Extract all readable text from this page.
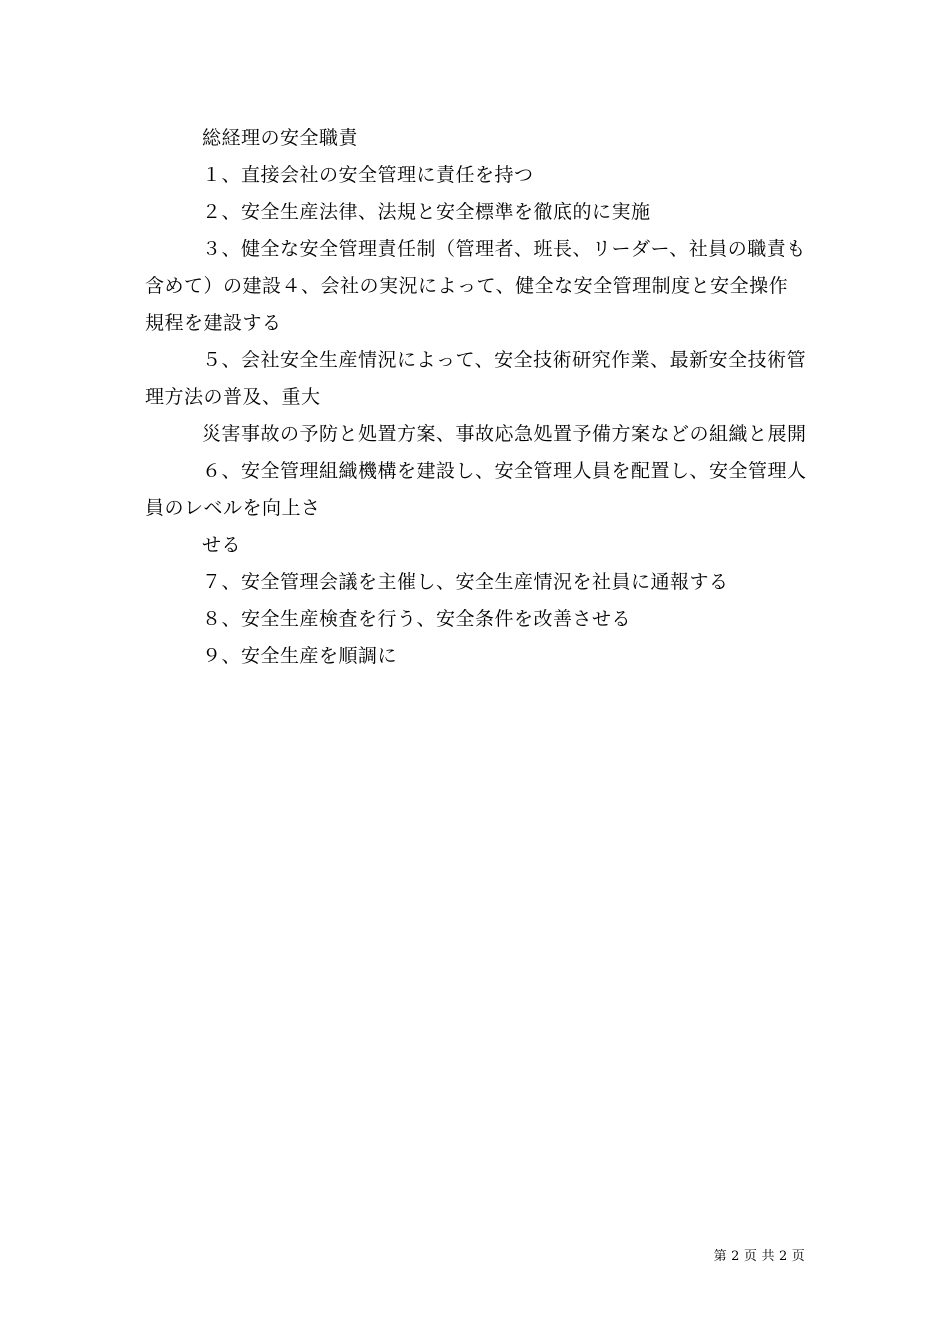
総経理の安全職責

１、直接会社の安全管理に責任を持つ

２、安全生産法律、法規と安全標準を徹底的に実施

３、健全な安全管理責任制（管理者、班長、リーダー、社員の職責も含めて）の建設４、会社の実況によって、健全な安全管理制度と安全操作規程を建設する

５、会社安全生産情況によって、安全技術研究作業、最新安全技術管理方法の普及、重大

災害事故の予防と処置方案、事故応急処置予備方案などの組織と展開

６、安全管理組織機構を建設し、安全管理人員を配置し、安全管理人員のレベルを向上さ

せる

７、安全管理会議を主催し、安全生産情況を社員に通報する

８、安全生産検査を行う、安全条件を改善させる

９、安全生産を順調に

第 2 页 共 2 页
